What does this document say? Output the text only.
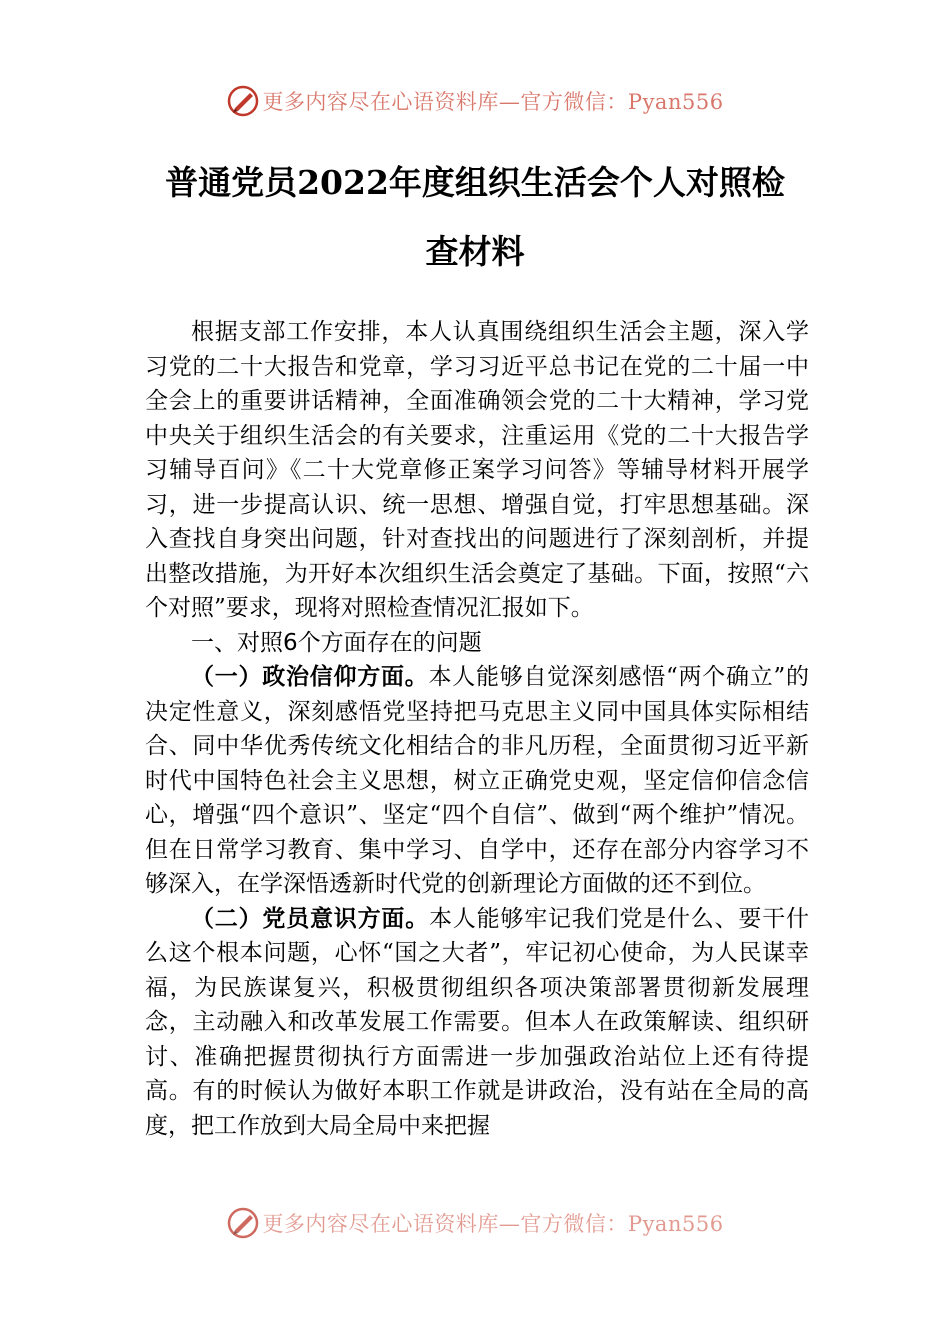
更多内容尽在心语资料库—官方微信：Pyan556
普通党员2022年度组织生活会个人对照检
查材料

根据支部工作安排，本人认真围绕组织生活会主题，深入学习党的二十大报告和党章，学习习近平总书记在党的二十届一中全会上的重要讲话精神，全面准确领会党的二十大精神，学习党中央关于组织生活会的有关要求，注重运用《党的二十大报告学习辅导百问》《二十大党章修正案学习问答》等辅导材料开展学习，进一步提高认识、统一思想、增强自觉，打牢思想基础。深入查找自身突出问题，针对查找出的问题进行了深刻剖析，并提出整改措施，为开好本次组织生活会奠定了基础。下面，按照“六个对照”要求，现将对照检查情况汇报如下。

一、对照6个方面存在的问题

（一）政治信仰方面。本人能够自觉深刻感悟“两个确立”的决定性意义，深刻感悟党坚持把马克思主义同中国具体实际相结合、同中华优秀传统文化相结合的非凡历程，全面贯彻习近平新时代中国特色社会主义思想，树立正确党史观，坚定信仰信念信心，增强“四个意识”、坚定“四个自信”、做到“两个维护”情况。但在日常学习教育、集中学习、自学中，还存在部分内容学习不够深入，在学深悟透新时代党的创新理论方面做的还不到位。

（二）党员意识方面。本人能够牢记我们党是什么、要干什么这个根本问题，心怀“国之大者”，牢记初心使命，为人民谋幸福，为民族谋复兴，积极贯彻组织各项决策部署贯彻新发展理念，主动融入和改革发展工作需要。但本人在政策解读、组织研讨、准确把握贯彻执行方面需进一步加强政治站位上还有待提高。有的时候认为做好本职工作就是讲政治，没有站在全局的高度，把工作放到大局全局中来把握

更多内容尽在心语资料库—官方微信：Pyan556
